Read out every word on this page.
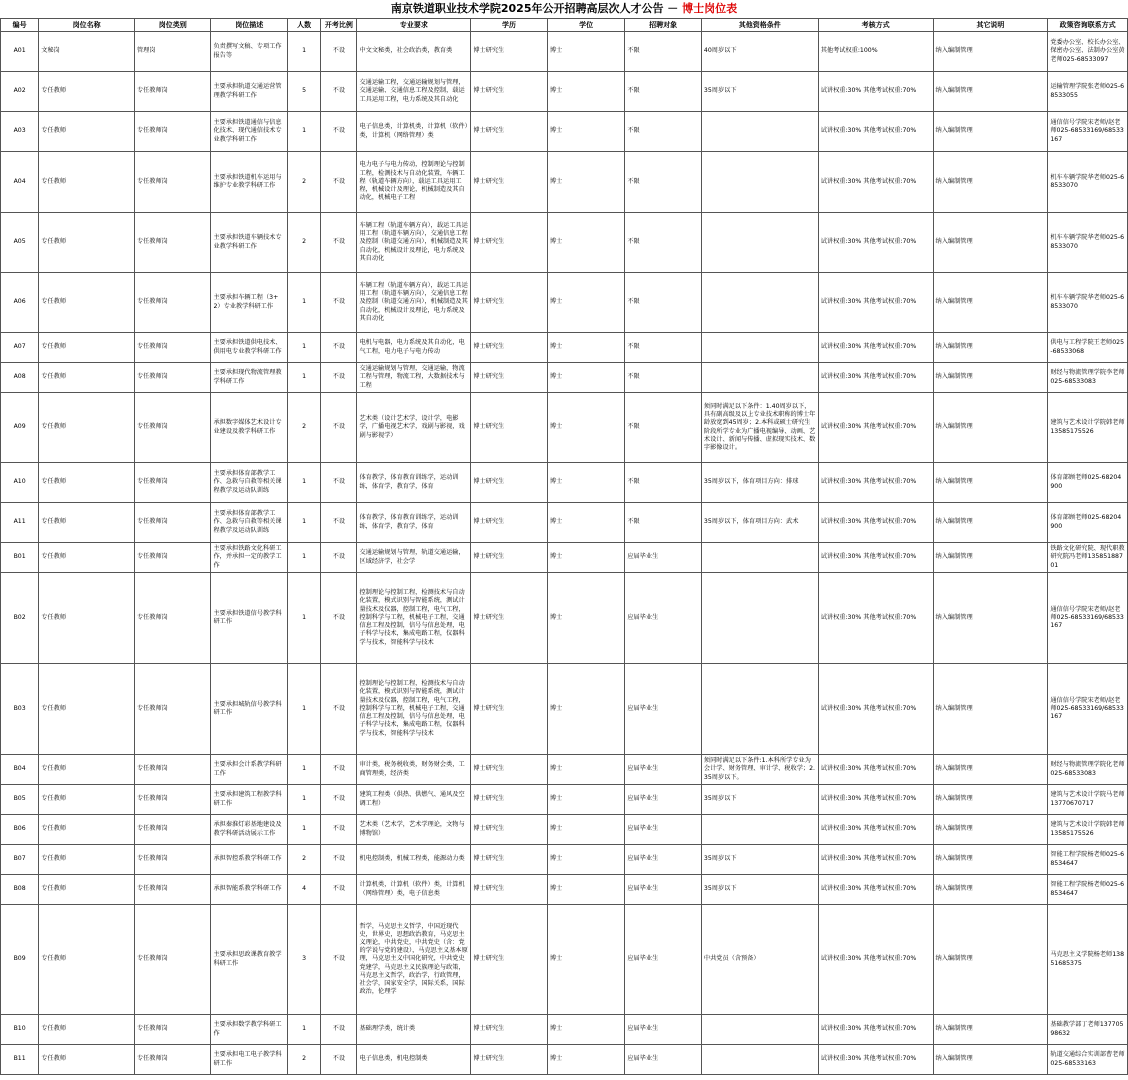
南京铁道职业技术学院2025年公开招聘高层次人才公告 － 博士岗位表
编号	岗位名称	岗位类别	岗位描述	人数	开考比例	专业要求	学历	学位	招聘对象	其他资格条件	考核方式	其它说明	政策咨询联系方式
A01	文秘岗	管理岗	负责撰写文稿、专项工作报告等	1	不设	中文文秘类，社会政治类，教育类	博士研究生	博士	不限	40周岁以下	其他考试权重:100%	纳入编制管理	党委办公室、校长办公室、保密办公室、法制办公室黄老师025-68533097
A02	专任教师	专任教师岗	主要承担轨道交通运营管理教学科研工作	5	不设	交通运输工程，交通运输规划与管理，交通运输、交通信息工程及控制，载运工具运用工程，电力系统及其自动化	博士研究生	博士	不限	35周岁以下	试讲权重:30% 其他考试权重:70%	纳入编制管理	运输管理学院张老师025-68533055
A03	专任教师	专任教师岗	主要承担铁道通信与信息化技术、现代通信技术专业教学科研工作	1	不设	电子信息类，计算机类，计算机（软件）类，计算机（网络管理）类	博士研究生	博士	不限		试讲权重:30% 其他考试权重:70%	纳入编制管理	通信信号学院宋老师/赵老师025-68533169/68533167
A04	专任教师	专任教师岗	主要承担铁道机车运用与维护专业教学科研工作	2	不设	电力电子与电力传动，控制理论与控制工程，检测技术与自动化装置，车辆工程（轨道车辆方向），载运工具运用工程，机械设计及理论，机械制造及其自动化，机械电子工程	博士研究生	博士	不限		试讲权重:30% 其他考试权重:70%	纳入编制管理	机车车辆学院华老师025-68533070
A05	专任教师	专任教师岗	主要承担铁道车辆技术专业教学科研工作	2	不设	车辆工程（轨道车辆方向），载运工具运用工程（轨道车辆方向），交通信息工程及控制（轨道交通方向），机械制造及其自动化，机械设计及理论，电力系统及其自动化	博士研究生	博士	不限		试讲权重:30% 其他考试权重:70%	纳入编制管理	机车车辆学院华老师025-68533070
A06	专任教师	专任教师岗	主要承担车辆工程（3+2）专业教学科研工作	1	不设	车辆工程（轨道车辆方向），载运工具运用工程（轨道车辆方向），交通信息工程及控制（轨道交通方向），机械制造及其自动化，机械设计及理论，电力系统及其自动化	博士研究生	博士	不限		试讲权重:30% 其他考试权重:70%	纳入编制管理	机车车辆学院华老师025-68533070
A07	专任教师	专任教师岗	主要承担铁道供电技术、供用电专业教学科研工作	1	不设	电机与电器，电力系统及其自动化，电气工程，电力电子与电力传动	博士研究生	博士	不限		试讲权重:30% 其他考试权重:70%	纳入编制管理	供电与工程学院王老师025-68533068
A08	专任教师	专任教师岗	主要承担现代物流管理教学科研工作	1	不设	交通运输规划与管理，交通运输，物流工程与管理，物流工程，大数据技术与工程	博士研究生	博士	不限		试讲权重:30% 其他考试权重:70%	纳入编制管理	财经与物流管理学院李老师025-68533083
A09	专任教师	专任教师岗	承担数字媒体艺术设计专业建设及教学科研工作	2	不设	艺术类（设计艺术学，设计学，电影学，广播电视艺术学，戏剧与影视，戏剧与影视学）	博士研究生	博士	不限	须同时满足以下条件：1.40周岁以下，具有副高级及以上专业技术职称的博士年龄放宽到45周岁；2.本科或硕士研究生阶段所学专业为广播电视编导、动画、艺术设计、新闻与传播、虚拟现实技术、数字影像设计。	试讲权重:30% 其他考试权重:70%	纳入编制管理	建筑与艺术设计学院韩老师13585175526
A10	专任教师	专任教师岗	主要承担体育部教学工作、急救与自救等相关课程教学及运动队训练	1	不设	体育教学，体育教育训练学，运动训练，体育学，教育学，体育	博士研究生	博士	不限	35周岁以下，体育项目方向：排球	试讲权重:30% 其他考试权重:70%	纳入编制管理	体育部顾老师025-68204900
A11	专任教师	专任教师岗	主要承担体育部教学工作、急救与自救等相关课程教学及运动队训练	1	不设	体育教学，体育教育训练学，运动训练，体育学，教育学，体育	博士研究生	博士	不限	35周岁以下，体育项目方向：武术	试讲权重:30% 其他考试权重:70%	纳入编制管理	体育部顾老师025-68204900
B01	专任教师	专任教师岗	主要承担铁路文化科研工作，并承担一定的教学工作	1	不设	交通运输规划与管理，轨道交通运输，区域经济学，社会学	博士研究生	博士	应届毕业生		试讲权重:30% 其他考试权重:70%	纳入编制管理	铁路文化研究院、现代职教研究院冯老师13585188701
B02	专任教师	专任教师岗	主要承担铁道信号教学科研工作	1	不设	控制理论与控制工程，检测技术与自动化装置，模式识别与智能系统，测试计量技术及仪器，控制工程，电气工程，控制科学与工程，机械电子工程，交通信息工程及控制，信号与信息处理，电子科学与技术，集成电路工程，仪器科学与技术，智能科学与技术	博士研究生	博士	应届毕业生		试讲权重:30% 其他考试权重:70%	纳入编制管理	通信信号学院宋老师/赵老师025-68533169/68533167
B03	专任教师	专任教师岗	主要承担城轨信号教学科研工作	1	不设	控制理论与控制工程，检测技术与自动化装置，模式识别与智能系统，测试计量技术及仪器，控制工程，电气工程，控制科学与工程，机械电子工程，交通信息工程及控制，信号与信息处理，电子科学与技术，集成电路工程，仪器科学与技术，智能科学与技术	博士研究生	博士	应届毕业生		试讲权重:30% 其他考试权重:70%	纳入编制管理	通信信号学院宋老师/赵老师025-68533169/68533167
B04	专任教师	专任教师岗	主要承担会计系教学科研工作	1	不设	审计类，税务税收类，财务财会类，工商管理类，经济类	博士研究生	博士	应届毕业生	须同时满足以下条件:1.本科所学专业为会计学、财务管理、审计学、税收学；2.35周岁以下。	试讲权重:30% 其他考试权重:70%	纳入编制管理	财经与物流管理学院化老师025-68533083
B05	专任教师	专任教师岗	主要承担建筑工程教学科研工作	1	不设	建筑工程类（供热、供燃气、通风及空调工程）	博士研究生	博士	应届毕业生	35周岁以下	试讲权重:30% 其他考试权重:70%	纳入编制管理	建筑与艺术设计学院马老师13770670717
B06	专任教师	专任教师岗	承担秦淮灯彩基地建设及教学科研活动展示工作	1	不设	艺术类（艺术学，艺术学理论，文物与博物馆）	博士研究生	博士	应届毕业生		试讲权重:30% 其他考试权重:70%	纳入编制管理	建筑与艺术设计学院韩老师13585175526
B07	专任教师	专任教师岗	承担智控系教学科研工作	2	不设	机电控制类，机械工程类，能源动力类	博士研究生	博士	应届毕业生	35周岁以下	试讲权重:30% 其他考试权重:70%	纳入编制管理	智能工程学院杨老师025-68534647
B08	专任教师	专任教师岗	承担智能系教学科研工作	4	不设	计算机类，计算机（软件）类，计算机（网络管理）类，电子信息类	博士研究生	博士	应届毕业生	35周岁以下	试讲权重:30% 其他考试权重:70%	纳入编制管理	智能工程学院杨老师025-68534647
B09	专任教师	专任教师岗	主要承担思政课教育教学科研工作	3	不设	哲学，马克思主义哲学，中国近现代史，世界史，思想政治教育，马克思主义理论，中共党史，中共党史（含：党的学说与党的建设），马克思主义基本原理，马克思主义中国化研究，中共党史党建学，马克思主义民族理论与政策，马克思主义哲学，政治学，行政管理，社会学，国家安全学，国际关系，国际政治，伦理学	博士研究生	博士	应届毕业生	中共党员（含预备）	试讲权重:30% 其他考试权重:70%	纳入编制管理	马克思主义学院杨老师13851685375
B10	专任教师	专任教师岗	主要承担数学教学科研工作	1	不设	基础理学类，统计类	博士研究生	博士	应届毕业生		试讲权重:30% 其他考试权重:70%	纳入编制管理	基础教学部丁老师13770598632
B11	专任教师	专任教师岗	主要承担电工电子教学科研工作	2	不设	电子信息类，机电控制类	博士研究生	博士	应届毕业生		试讲权重:30% 其他考试权重:70%	纳入编制管理	轨道交通综合实训部曹老师025-68533163
